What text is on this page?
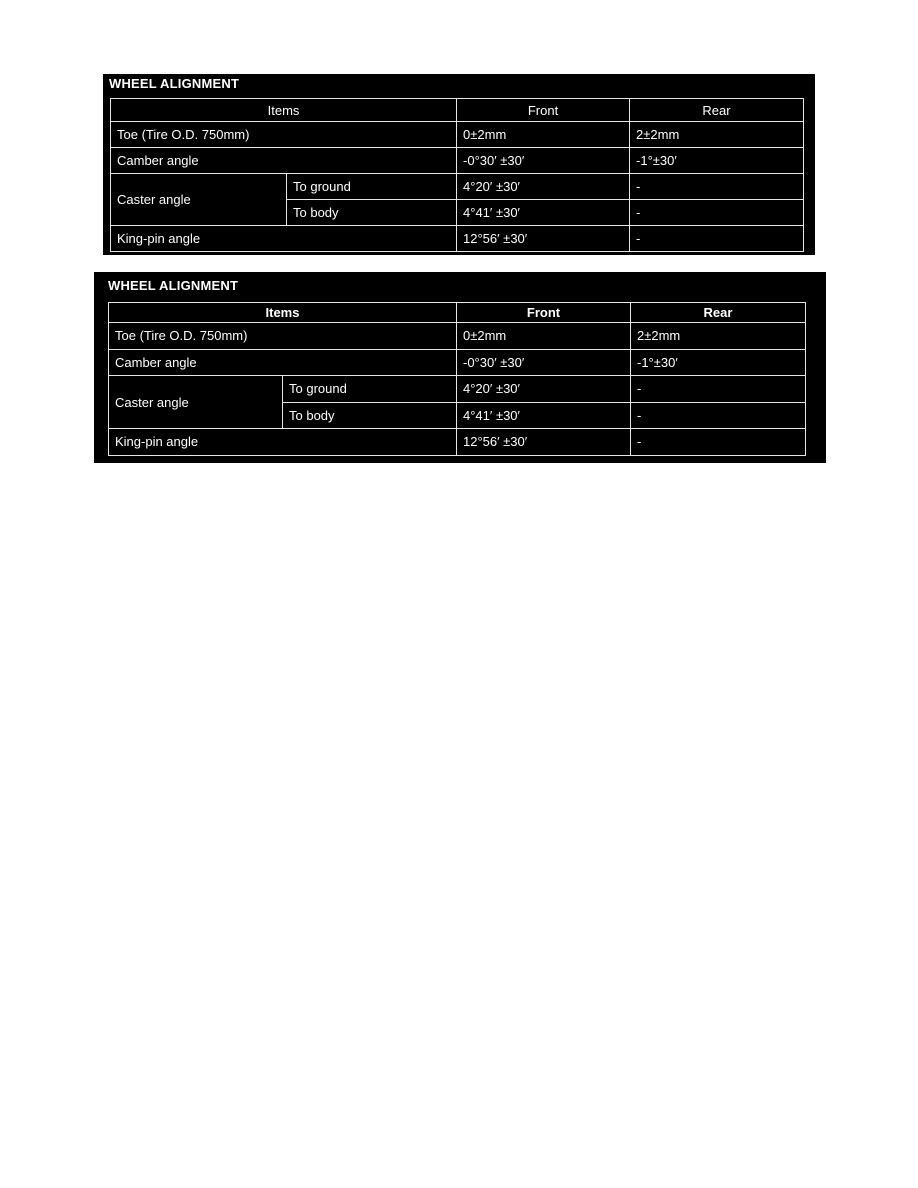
WHEEL ALIGNMENT
Items		Front	Rear
Toe (Tire O.D. 750mm)		0±2mm	2±2mm
Camber angle		-0°30′ ±30′	-1°±30′
Caster angle	To ground	4°20′ ±30′	-
	To body	4°41′ ±30′	-
King-pin angle		12°56′ ±30′	-
WHEEL ALIGNMENT
Items		Front	Rear
Toe (Tire O.D. 750mm)		0±2mm	2±2mm
Camber angle		-0°30′ ±30′	-1°±30′
Caster angle	To ground	4°20′ ±30′	-
	To body	4°41′ ±30′	-
King-pin angle		12°56′ ±30′	-
